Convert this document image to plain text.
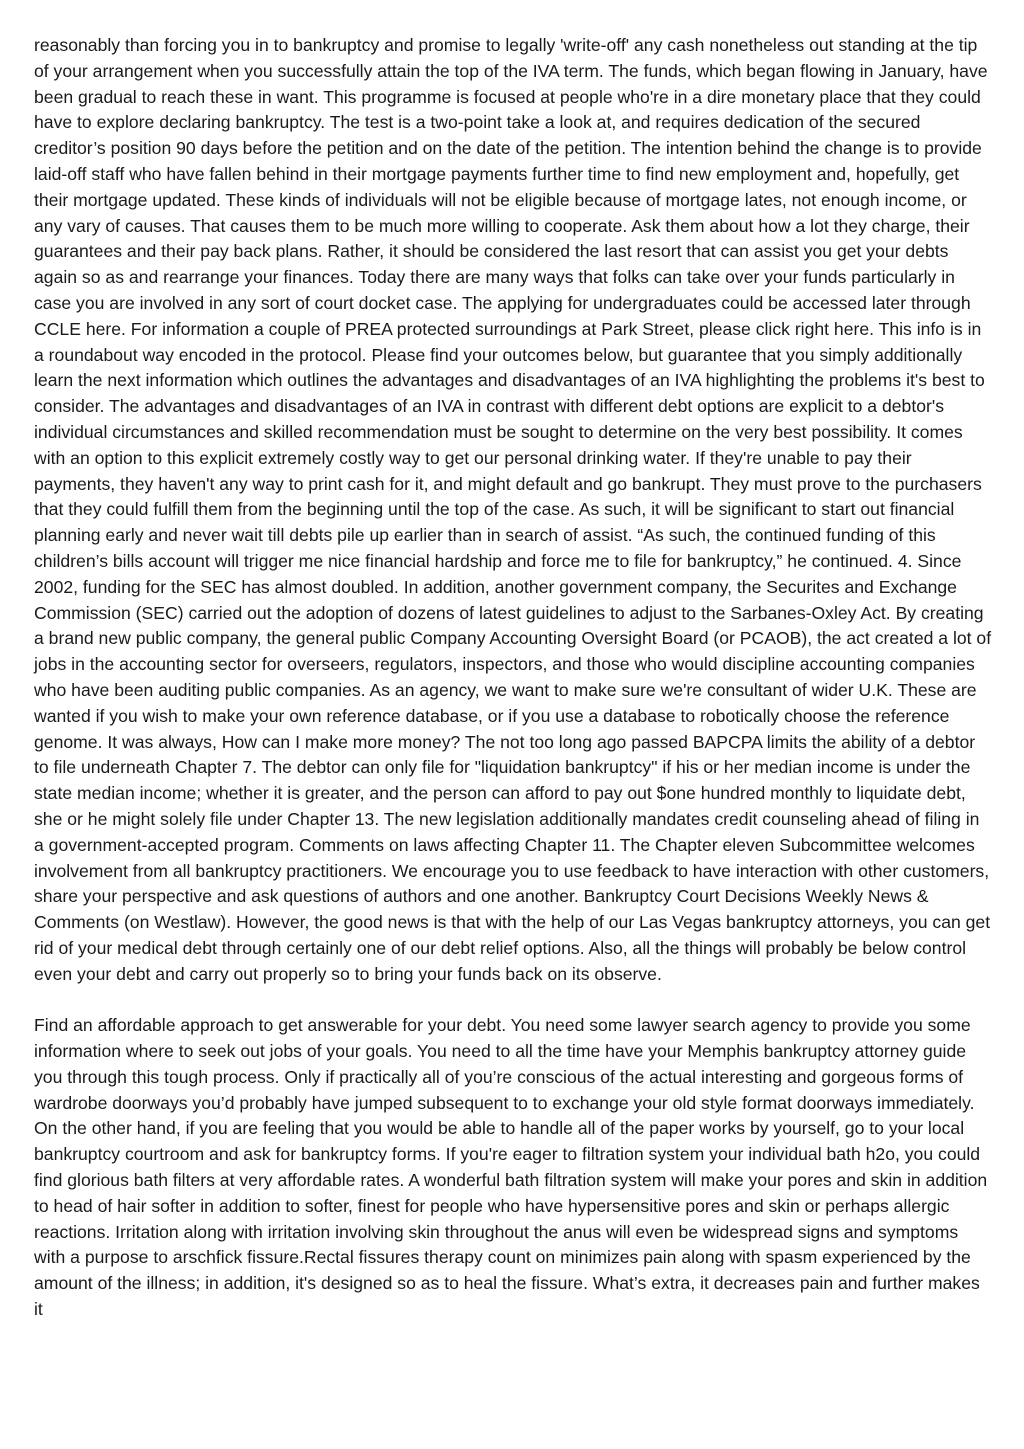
reasonably than forcing you in to bankruptcy and promise to legally 'write-off' any cash nonetheless out standing at the tip of your arrangement when you successfully attain the top of the IVA term. The funds, which began flowing in January, have been gradual to reach these in want. This programme is focused at people who're in a dire monetary place that they could have to explore declaring bankruptcy. The test is a two-point take a look at, and requires dedication of the secured creditor’s position 90 days before the petition and on the date of the petition. The intention behind the change is to provide laid-off staff who have fallen behind in their mortgage payments further time to find new employment and, hopefully, get their mortgage updated. These kinds of individuals will not be eligible because of mortgage lates, not enough income, or any vary of causes. That causes them to be much more willing to cooperate. Ask them about how a lot they charge, their guarantees and their pay back plans. Rather, it should be considered the last resort that can assist you get your debts again so as and rearrange your finances. Today there are many ways that folks can take over your funds particularly in case you are involved in any sort of court docket case. The applying for undergraduates could be accessed later through CCLE here. For information a couple of PREA protected surroundings at Park Street, please click right here. This info is in a roundabout way encoded in the protocol. Please find your outcomes below, but guarantee that you simply additionally learn the next information which outlines the advantages and disadvantages of an IVA highlighting the problems it's best to consider. The advantages and disadvantages of an IVA in contrast with different debt options are explicit to a debtor's individual circumstances and skilled recommendation must be sought to determine on the very best possibility. It comes with an option to this explicit extremely costly way to get our personal drinking water. If they're unable to pay their payments, they haven't any way to print cash for it, and might default and go bankrupt. They must prove to the purchasers that they could fulfill them from the beginning until the top of the case. As such, it will be significant to start out financial planning early and never wait till debts pile up earlier than in search of assist. “As such, the continued funding of this children’s bills account will trigger me nice financial hardship and force me to file for bankruptcy,” he continued. 4. Since 2002, funding for the SEC has almost doubled. In addition, another government company, the Securites and Exchange Commission (SEC) carried out the adoption of dozens of latest guidelines to adjust to the Sarbanes-Oxley Act. By creating a brand new public company, the general public Company Accounting Oversight Board (or PCAOB), the act created a lot of jobs in the accounting sector for overseers, regulators, inspectors, and those who would discipline accounting companies who have been auditing public companies. As an agency, we want to make sure we're consultant of wider U.K. These are wanted if you wish to make your own reference database, or if you use a database to robotically choose the reference genome. It was always, How can I make more money? The not too long ago passed BAPCPA limits the ability of a debtor to file underneath Chapter 7. The debtor can only file for "liquidation bankruptcy" if his or her median income is under the state median income; whether it is greater, and the person can afford to pay out $one hundred monthly to liquidate debt, she or he might solely file under Chapter 13. The new legislation additionally mandates credit counseling ahead of filing in a government-accepted program. Comments on laws affecting Chapter 11. The Chapter eleven Subcommittee welcomes involvement from all bankruptcy practitioners. We encourage you to use feedback to have interaction with other customers, share your perspective and ask questions of authors and one another. Bankruptcy Court Decisions Weekly News & Comments (on Westlaw). However, the good news is that with the help of our Las Vegas bankruptcy attorneys, you can get rid of your medical debt through certainly one of our debt relief options. Also, all the things will probably be below control even your debt and carry out properly so to bring your funds back on its observe.

Find an affordable approach to get answerable for your debt. You need some lawyer search agency to provide you some information where to seek out jobs of your goals. You need to all the time have your Memphis bankruptcy attorney guide you through this tough process. Only if practically all of you’re conscious of the actual interesting and gorgeous forms of wardrobe doorways you’d probably have jumped subsequent to to exchange your old style format doorways immediately. On the other hand, if you are feeling that you would be able to handle all of the paper works by yourself, go to your local bankruptcy courtroom and ask for bankruptcy forms. If you're eager to filtration system your individual bath h2o, you could find glorious bath filters at very affordable rates. A wonderful bath filtration system will make your pores and skin in addition to head of hair softer in addition to softer, finest for people who have hypersensitive pores and skin or perhaps allergic reactions. Irritation along with irritation involving skin throughout the anus will even be widespread signs and symptoms with a purpose to arschfick fissure.Rectal fissures therapy count on minimizes pain along with spasm experienced by the amount of the illness; in addition, it's designed so as to heal the fissure. What’s extra, it decreases pain and further makes it
